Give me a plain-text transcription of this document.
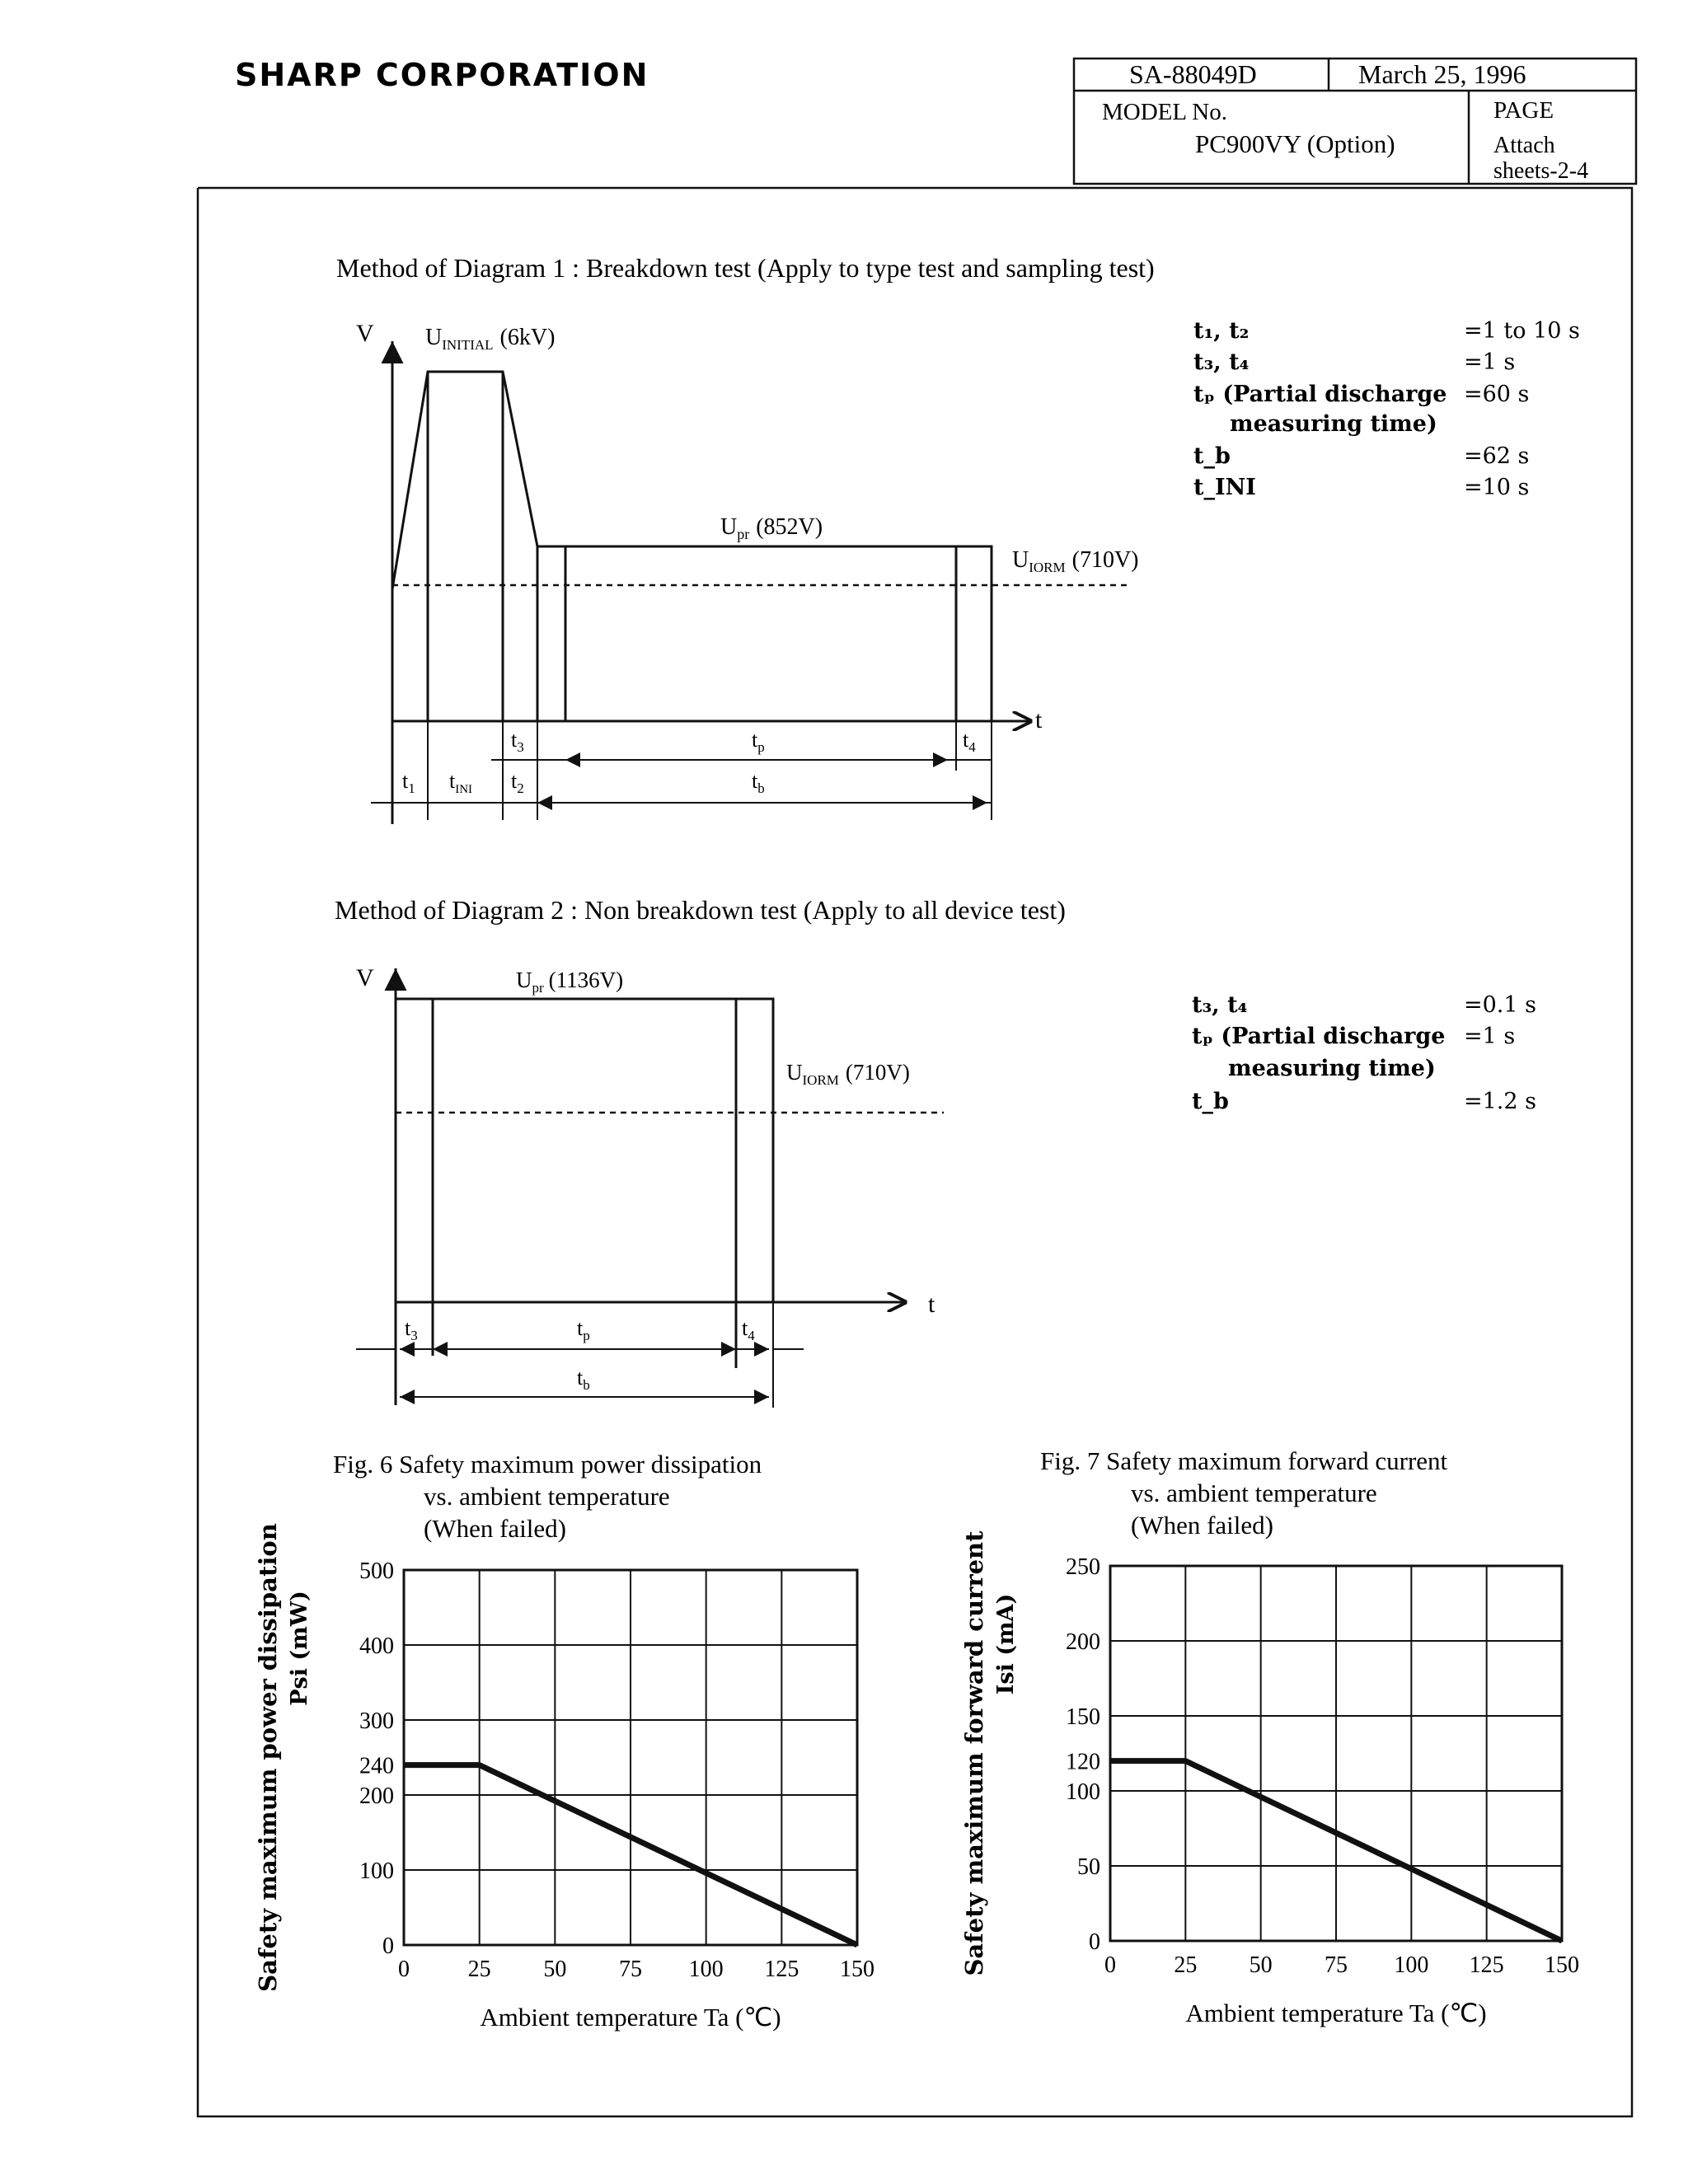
SHARP CORPORATION	SA-88049D	March 25, 1996
MODEL No.
PC900VY (Option)
PAGE
Attach
sheets-2-4
Method of Diagram 1 : Breakdown test (Apply to type test and sampling test)
V
t
$U_{INITIAL}$ (6kV)
$U_{pr}$ (852V)
$U_{IORM}$ (710V)
$t_3$	$t_p$	$t_4$
$t_1$ $t_{INI}$ $t_2$	$t_b$
t₁, t₂	=1 to 10 s
t₃, t₄	=1 s
tₚ (Partial discharge =60 s
measuring time)
t_b	=62 s
t_INI	=10 s
Method of Diagram 2 : Non breakdown test (Apply to all device test)
V
t
$U_{pr}$ (1136V)
$U_{IORM}$ (710V)
$t_3$	$t_p$	$t_4$
$t_b$
t₃, t₄	=0.1 s
tₚ (Partial discharge =1 s
measuring time)
t_b	=1.2 s
Fig. 6 Safety maximum power dissipation
vs. ambient temperature
(When failed)
Fig. 7 Safety maximum forward current
vs. ambient temperature
(When failed)
0	25 50 75 100 125 150
0
100
200
240
300
400
500
Ambient temperature Ta (℃)
Safety maximum power dissipation Psi (mW)
0	25 50 75 100 125 150
0
50
100
120
150
200
250
Ambient temperature Ta (℃)
Safety maximum forward current Isi (mA)
